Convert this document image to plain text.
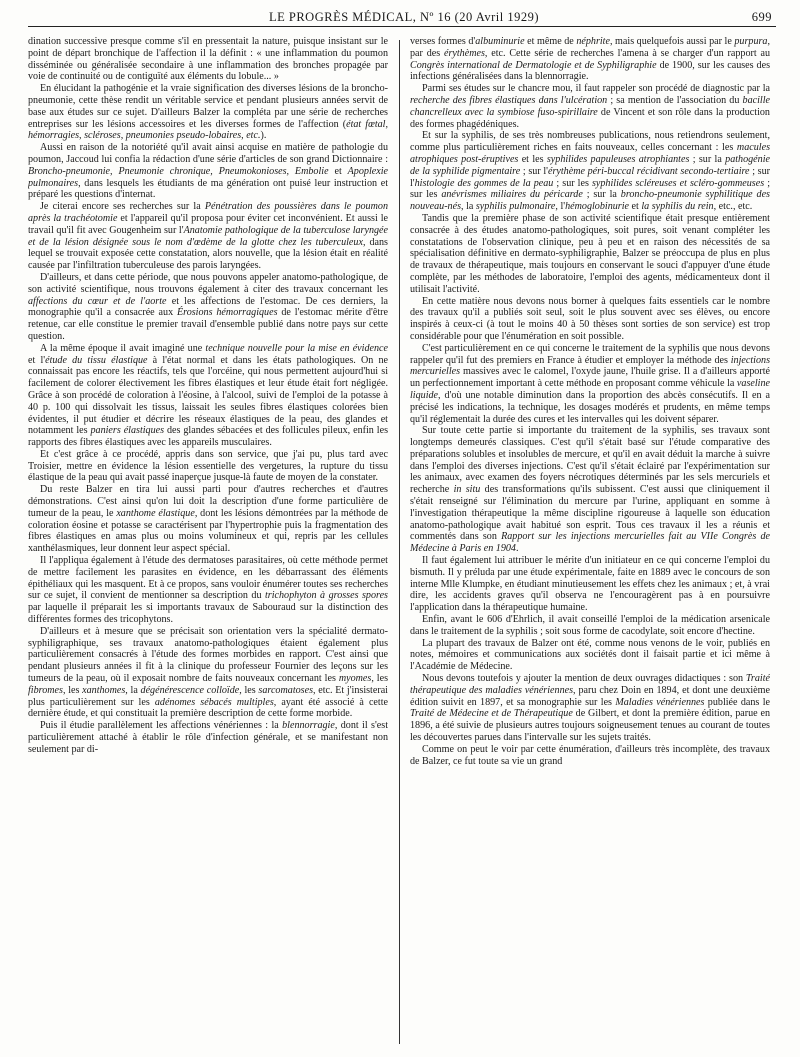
LE PROGRÈS MÉDICAL, Nº 16 (20 Avril 1929)	699

dination successive presque comme s'il en pressentait la nature, puisque insistant sur le point de départ bronchique de l'affection il la définit : « une inflammation du poumon disséminée ou généralisée secondaire à une inflammation des bronches propagée par voie de continuité ou de contiguïté aux éléments du lobule... »

En élucidant la pathogénie et la vraie signification des diverses lésions de la broncho-pneumonie, cette thèse rendit un véritable service et pendant plusieurs années servit de base aux études sur ce sujet. D'ailleurs Balzer la compléta par une série de recherches entreprises sur les lésions accessoires et les diverses formes de l'affection (état fœtal, hémorragies, scléroses, pneumonies pseudo-lobaires, etc.).

Aussi en raison de la notoriété qu'il avait ainsi acquise en matière de pathologie du poumon, Jaccoud lui confia la rédaction d'une série d'articles de son grand Dictionnaire : Broncho-pneumonie, Pneumonie chronique, Pneumokonioses, Embolie et Apoplexie pulmonaires, dans lesquels les étudiants de ma génération ont puisé leur instruction et préparé les questions d'internat.

Je citerai encore ses recherches sur la Pénétration des poussières dans le poumon après la trachéotomie et l'appareil qu'il proposa pour éviter cet inconvénient. Et aussi le travail qu'il fit avec Gougenheim sur l'Anatomie pathologique de la tuberculose laryngée et de la lésion désignée sous le nom d'œdème de la glotte chez les tuberculeux, dans lequel se trouvait exposée cette constatation, alors nouvelle, que la lésion était en réalité causée par l'infiltration tuberculeuse des parois laryngées.

D'ailleurs, et dans cette période, que nous pouvons appeler anatomo-pathologique, de son activité scientifique, nous trouvons également à citer des travaux concernant les affections du cœur et de l'aorte et les affections de l'estomac. De ces derniers, la monographie qu'il a consacrée aux Érosions hémorragiques de l'estomac mérite d'être retenue, car elle constitue le premier travail d'ensemble publié dans notre pays sur cette question.

A la même époque il avait imaginé une technique nouvelle pour la mise en évidence et l'étude du tissu élastique à l'état normal et dans les états pathologiques. On ne connaissait pas encore les réactifs, tels que l'orcéine, qui nous permettent aujourd'hui si facilement de colorer électivement les fibres élastiques et leur étude était fort négligée. Grâce à son procédé de coloration à l'éosine, à l'alcool, suivi de l'emploi de la potasse à 40 p. 100 qui dissolvait les tissus, laissait les seules fibres élastiques colorées bien évidentes, il put étudier et décrire les réseaux élastiques de la peau, des glandes et notamment les paniers élastiques des glandes sébacées et des follicules pileux, enfin les rapports des fibres élastiques avec les appareils musculaires.

Et c'est grâce à ce procédé, appris dans son service, que j'ai pu, plus tard avec Troisier, mettre en évidence la lésion essentielle des vergetures, la rupture du tissu élastique de la peau qui avait passé inaperçue jusque-là faute de moyen de la constater.

Du reste Balzer en tira lui aussi parti pour d'autres recherches et d'autres démonstrations. C'est ainsi qu'on lui doit la description d'une forme particulière de tumeur de la peau, le xanthome élastique, dont les lésions démontrées par la méthode de coloration éosine et potasse se caractérisent par l'hypertrophie puis la fragmentation des fibres élastiques en amas plus ou moins volumineux et qui, repris par les cellules xanthélasmiques, leur donnent leur aspect spécial.

Il l'appliqua également à l'étude des dermatoses parasitaires, où cette méthode permet de mettre facilement les parasites en évidence, en les débarrassant des éléments épithéliaux qui les masquent. Et à ce propos, sans vouloir énumérer toutes ses recherches sur ce sujet, il convient de mentionner sa description du trichophyton à grosses spores par laquelle il préparait les si importants travaux de Sabouraud sur la distinction des différentes formes des tricophytons.

D'ailleurs et à mesure que se précisait son orientation vers la spécialité dermato-syphiligraphique, ses travaux anatomo-pathologiques étaient également plus particulièrement consacrés à l'étude des formes morbides en rapport. C'est ainsi que pendant plusieurs années il fit à la clinique du professeur Fournier des leçons sur les tumeurs de la peau, où il exposait nombre de faits nouveaux concernant les myomes, les fibromes, les xanthomes, la dégénérescence colloïde, les sarcomatoses, etc. Et j'insisterai plus particulièrement sur les adénomes sébacés multiples, ayant été associé à cette dernière étude, et qui constituait la première description de cette forme morbide.

Puis il étudie parallèlement les affections vénériennes : la blennorragie, dont il s'est particulièrement attaché à établir le rôle d'infection générale, et se manifestant non seulement par di-

verses formes d'albuminurie et même de néphrite, mais quelquefois aussi par le purpura, par des érythèmes, etc. Cette série de recherches l'amena à se charger d'un rapport au Congrès international de Dermatologie et de Syphiligraphie de 1900, sur les causes des infections généralisées dans la blennorragie.

Parmi ses études sur le chancre mou, il faut rappeler son procédé de diagnostic par la recherche des fibres élastiques dans l'ulcération ; sa mention de l'association du bacille chancrelleux avec la symbiose fuso-spirillaire de Vincent et son rôle dans la production des formes phagédéniques.

Et sur la syphilis, de ses très nombreuses publications, nous retiendrons seulement, comme plus particulièrement riches en faits nouveaux, celles concernant : les macules atrophiques post-éruptives et les syphilides papuleuses atrophiantes ; sur la pathogénie de la syphilide pigmentaire ; sur l'érythème péri-buccal récidivant secondo-tertiaire ; sur l'histologie des gommes de la peau ; sur les syphilides scléreuses et scléro-gommeuses ; sur les anévrismes miliaires du péricarde ; sur la broncho-pneumonie syphilitique des nouveau-nés, la syphilis pulmonaire, l'hémoglobinurie et la syphilis du rein, etc., etc.

Tandis que la première phase de son activité scientifique était presque entièrement consacrée à des études anatomo-pathologiques, soit pures, soit venant compléter les constatations de l'observation clinique, peu à peu et en raison des nécessités de sa spécialisation définitive en dermato-syphiligraphie, Balzer se préoccupa de plus en plus de travaux de thérapeutique, mais toujours en conservant le souci d'appuyer d'une étude complète, par les méthodes de laboratoire, l'emploi des agents, médicamenteux dont il utilisait l'activité.

En cette matière nous devons nous borner à quelques faits essentiels car le nombre des travaux qu'il a publiés soit seul, soit le plus souvent avec ses élèves, ou encore inspirés à ceux-ci (à tout le moins 40 à 50 thèses sont sorties de son service) est trop considérable pour que l'énumération en soit possible.

C'est particulièrement en ce qui concerne le traitement de la syphilis que nous devons rappeler qu'il fut des premiers en France à étudier et employer la méthode des injections mercurielles massives avec le calomel, l'oxyde jaune, l'huile grise. Il a d'ailleurs apporté un perfectionnement important à cette méthode en proposant comme véhicule la vaseline liquide, d'où une notable diminution dans la proportion des abcès consécutifs. Il en a précisé les indications, la technique, les dosages modérés et prudents, en même temps qu'il réglementait la durée des cures et les intervalles qui les doivent séparer.

Sur toute cette partie si importante du traitement de la syphilis, ses travaux sont longtemps demeurés classiques. C'est qu'il s'était basé sur l'étude comparative des préparations solubles et insolubles de mercure, et qu'il en avait déduit la marche à suivre dans l'emploi des diverses injections. C'est qu'il s'était éclairé par l'expérimentation sur les animaux, avec examen des foyers nécrotiques déterminés par les sels mercuriels et recherche in situ des transformations qu'ils subissent. C'est aussi que cliniquement il s'était renseigné sur l'élimination du mercure par l'urine, appliquant en somme à l'investigation thérapeutique la même discipline rigoureuse à laquelle son éducation anatomo-pathologique avait habitué son esprit. Tous ces travaux il les a réunis et commentés dans son Rapport sur les injections mercurielles fait au VIIe Congrès de Médecine à Paris en 1904.

Il faut également lui attribuer le mérite d'un initiateur en ce qui concerne l'emploi du bismuth. Il y préluda par une étude expérimentale, faite en 1889 avec le concours de son interne Mlle Klumpke, en étudiant minutieusement les effets chez les animaux ; et, à vrai dire, les accidents graves qu'il observa ne l'encouragèrent pas à en poursuivre l'application dans la thérapeutique humaine.

Enfin, avant le 606 d'Ehrlich, il avait conseillé l'emploi de la médication arsenicale dans le traitement de la syphilis ; soit sous forme de cacodylate, soit encore d'hectine.

La plupart des travaux de Balzer ont été, comme nous venons de le voir, publiés en notes, mémoires et communications aux sociétés dont il faisait partie et ici même à l'Académie de Médecine.

Nous devons toutefois y ajouter la mention de deux ouvrages didactiques : son Traité thérapeutique des maladies vénériennes, paru chez Doin en 1894, et dont une deuxième édition suivit en 1897, et sa monographie sur les Maladies vénériennes publiée dans le Traité de Médecine et de Thérapeutique de Gilbert, et dont la première édition, parue en 1896, a été suivie de plusieurs autres toujours soigneusement tenues au courant de toutes les découvertes parues dans l'intervalle sur les sujets traités.

Comme on peut le voir par cette énumération, d'ailleurs très incomplète, des travaux de Balzer, ce fut toute sa vie un grand
